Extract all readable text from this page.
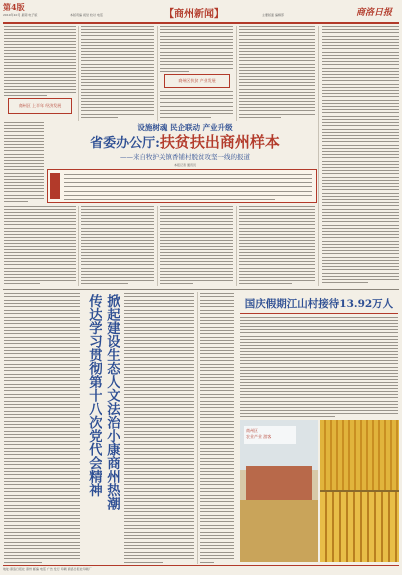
第4版
2019年10月 星期 电子版	本版责编 视觉 校对 电话	【商州新闻】	主要版面 编辑部	商洛日报
商州区 上半年 经济发展
商州区扶贫 产业发展
设施树魂 民企联动 产业升级
省委办公厅:扶贫扶出商州样本
——来自牧护关镇香铺村脱贫攻坚一线的报道
本报记者 通讯员
传达学习贯彻第十八次党代会精神 掀起建设生态人文法治小康商州热潮	国庆假期江山村接待13.92万人
商州区
农业产业 游客
地址:商洛日报社 商州 邮编 电话 广告 发行 印刷 商洛日报社印刷厂
